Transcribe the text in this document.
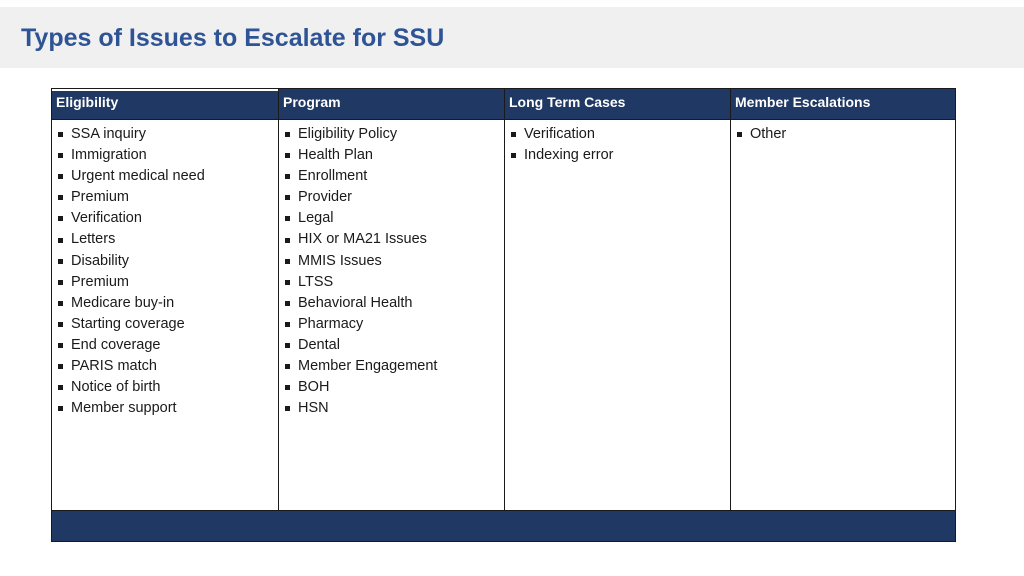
Types of Issues to Escalate for SSU
Eligibility
SSA inquiry
Immigration
Urgent medical need
Premium
Verification
Letters
Disability
Premium
Medicare buy-in
Starting coverage
End coverage
PARIS match
Notice of birth
Member support
Program
Eligibility Policy
Health Plan
Enrollment
Provider
Legal
HIX or MA21 Issues
MMIS Issues
LTSS
Behavioral Health
Pharmacy
Dental
Member Engagement
BOH
HSN
Long Term Cases
Verification
Indexing error
Member Escalations
Other
